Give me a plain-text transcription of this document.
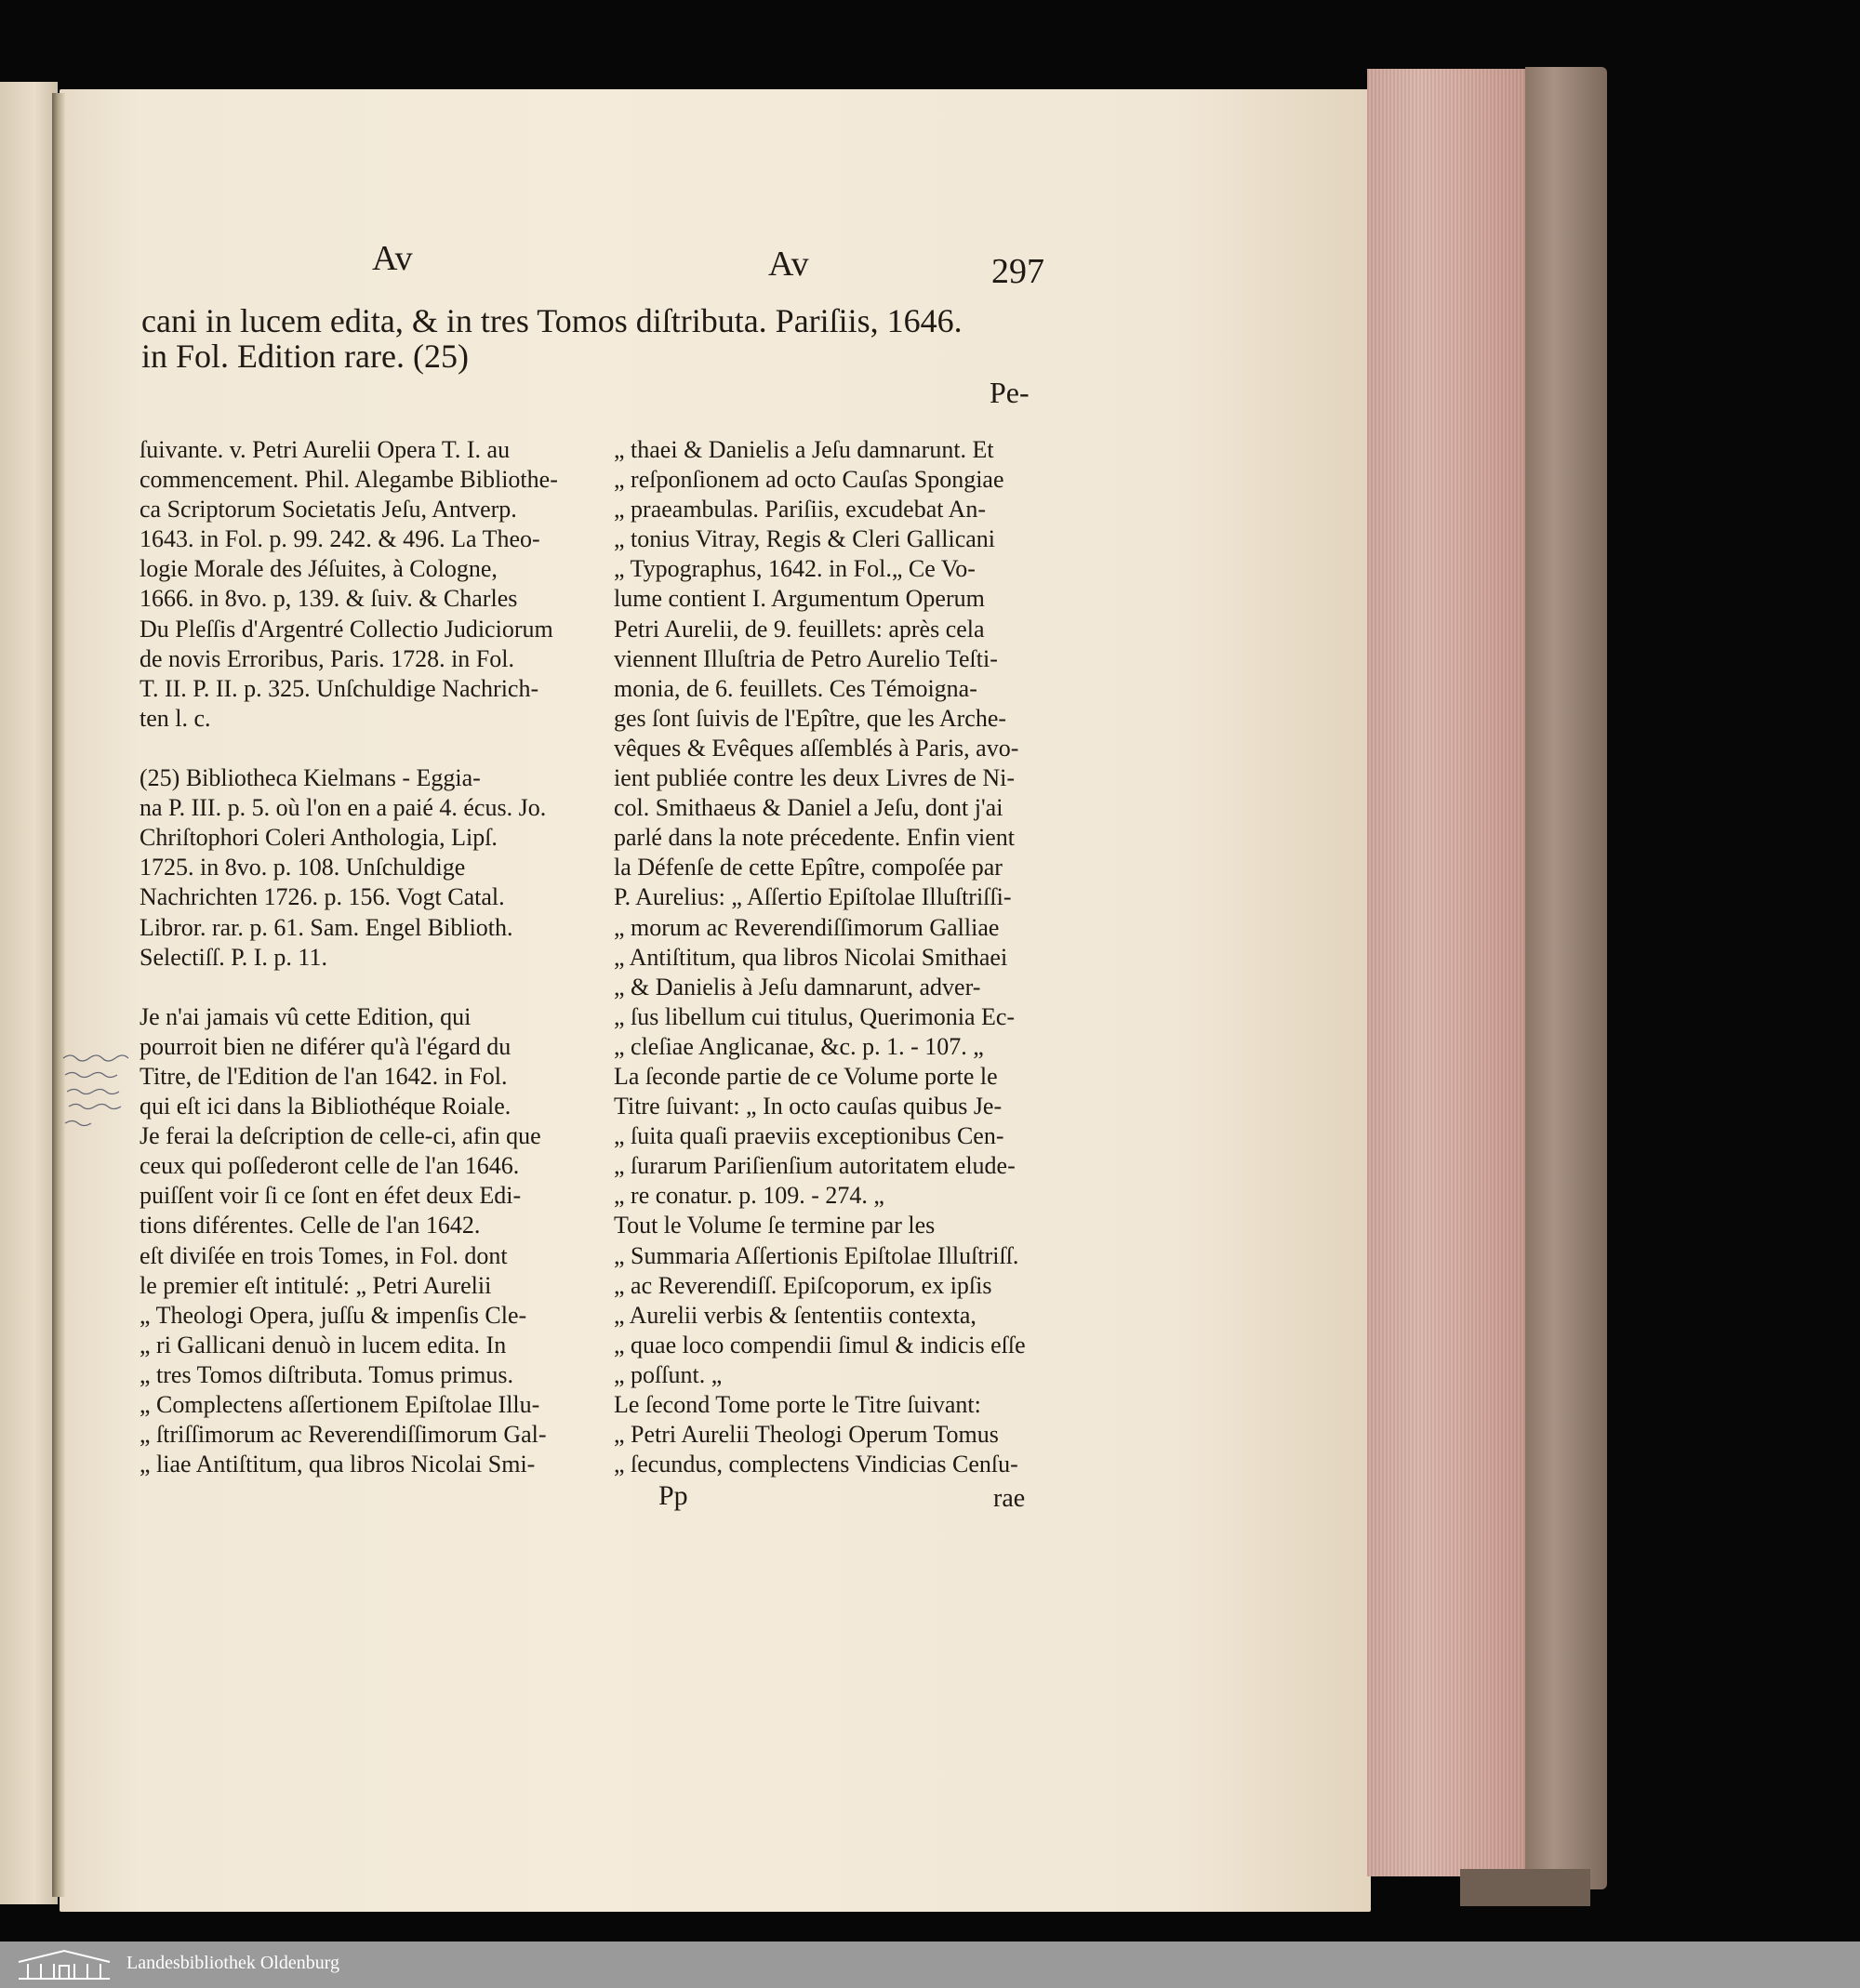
Av	Av	297
cani in lucem edita, & in tres Tomos diſtributa. Pariſiis, 1646.
in Fol. Edition rare. (25)
Pe-
ſuivante. v. Petri Aurelii Opera T. I. au
commencement. Phil. Alegambe Bibliothe-
ca Scriptorum Societatis Jeſu, Antverp.
1643. in Fol. p. 99. 242. & 496. La Theo-
logie Morale des Jéſuites, à Cologne,
1666. in 8vo. p, 139. & ſuiv. & Charles
Du Pleſſis d'Argentré Collectio Judiciorum
de novis Erroribus, Paris. 1728. in Fol.
T. II. P. II. p. 325. Unſchuldige Nachrich-
ten l. c.

(25) Bibliotheca Kielmans - Eggia-
na P. III. p. 5. où l'on en a paié 4. écus. Jo.
Chriſtophori Coleri Anthologia, Lipſ.
1725. in 8vo. p. 108. Unſchuldige
Nachrichten 1726. p. 156. Vogt Catal.
Libror. rar. p. 61. Sam. Engel Biblioth.
Selectiſſ. P. I. p. 11.

Je n'ai jamais vû cette Edition, qui
pourroit bien ne diférer qu'à l'égard du
Titre, de l'Edition de l'an 1642. in Fol.
qui eſt ici dans la Bibliothéque Roiale.
Je ferai la deſcription de celle-ci, afin que
ceux qui poſſederont celle de l'an 1646.
puiſſent voir ſi ce ſont en éfet deux Edi-
tions diférentes. Celle de l'an 1642.
eſt diviſée en trois Tomes, in Fol. dont
le premier eſt intitulé: „ Petri Aurelii
„ Theologi Opera, juſſu & impenſis Cle-
„ ri Gallicani denuò in lucem edita. In
„ tres Tomos diſtributa. Tomus primus.
„ Complectens aſſertionem Epiſtolae Illu-
„ ſtriſſimorum ac Reverendiſſimorum Gal-
„ liae Antiſtitum, qua libros Nicolai Smi-
„ thaei & Danielis a Jeſu damnarunt. Et
„ reſponſionem ad octo Cauſas Spongiae
„ praeambulas. Pariſiis, excudebat An-
„ tonius Vitray, Regis & Cleri Gallicani
„ Typographus, 1642. in Fol.„ Ce Vo-
lume contient I. Argumentum Operum
Petri Aurelii, de 9. feuillets: après cela
viennent Illuſtria de Petro Aurelio Teſti-
monia, de 6. feuillets. Ces Témoigna-
ges ſont ſuivis de l'Epître, que les Arche-
vêques & Evêques aſſemblés à Paris, avo-
ient publiée contre les deux Livres de Ni-
col. Smithaeus & Daniel a Jeſu, dont j'ai
parlé dans la note précedente. Enfin vient
la Défenſe de cette Epître, compoſée par
P. Aurelius: „ Aſſertio Epiſtolae Illuſtriſſi-
„ morum ac Reverendiſſimorum Galliae
„ Antiſtitum, qua libros Nicolai Smithaei
„ & Danielis à Jeſu damnarunt, adver-
„ ſus libellum cui titulus, Querimonia Ec-
„ cleſiae Anglicanae, &c. p. 1. - 107. „
La ſeconde partie de ce Volume porte le
Titre ſuivant: „ In octo cauſas quibus Je-
„ ſuita quaſi praeviis exceptionibus Cen-
„ ſurarum Pariſienſium autoritatem elude-
„ re conatur. p. 109. - 274. „
Tout le Volume ſe termine par les
„ Summaria Aſſertionis Epiſtolae Illuſtriſſ.
„ ac Reverendiſſ. Epiſcoporum, ex ipſis
„ Aurelii verbis & ſententiis contexta,
„ quae loco compendii ſimul & indicis eſſe
„ poſſunt. „
Le ſecond Tome porte le Titre ſuivant:
„ Petri Aurelii Theologi Operum Tomus
„ ſecundus, complectens Vindicias Cenſu-
Pp	rae
Landesbibliothek Oldenburg
